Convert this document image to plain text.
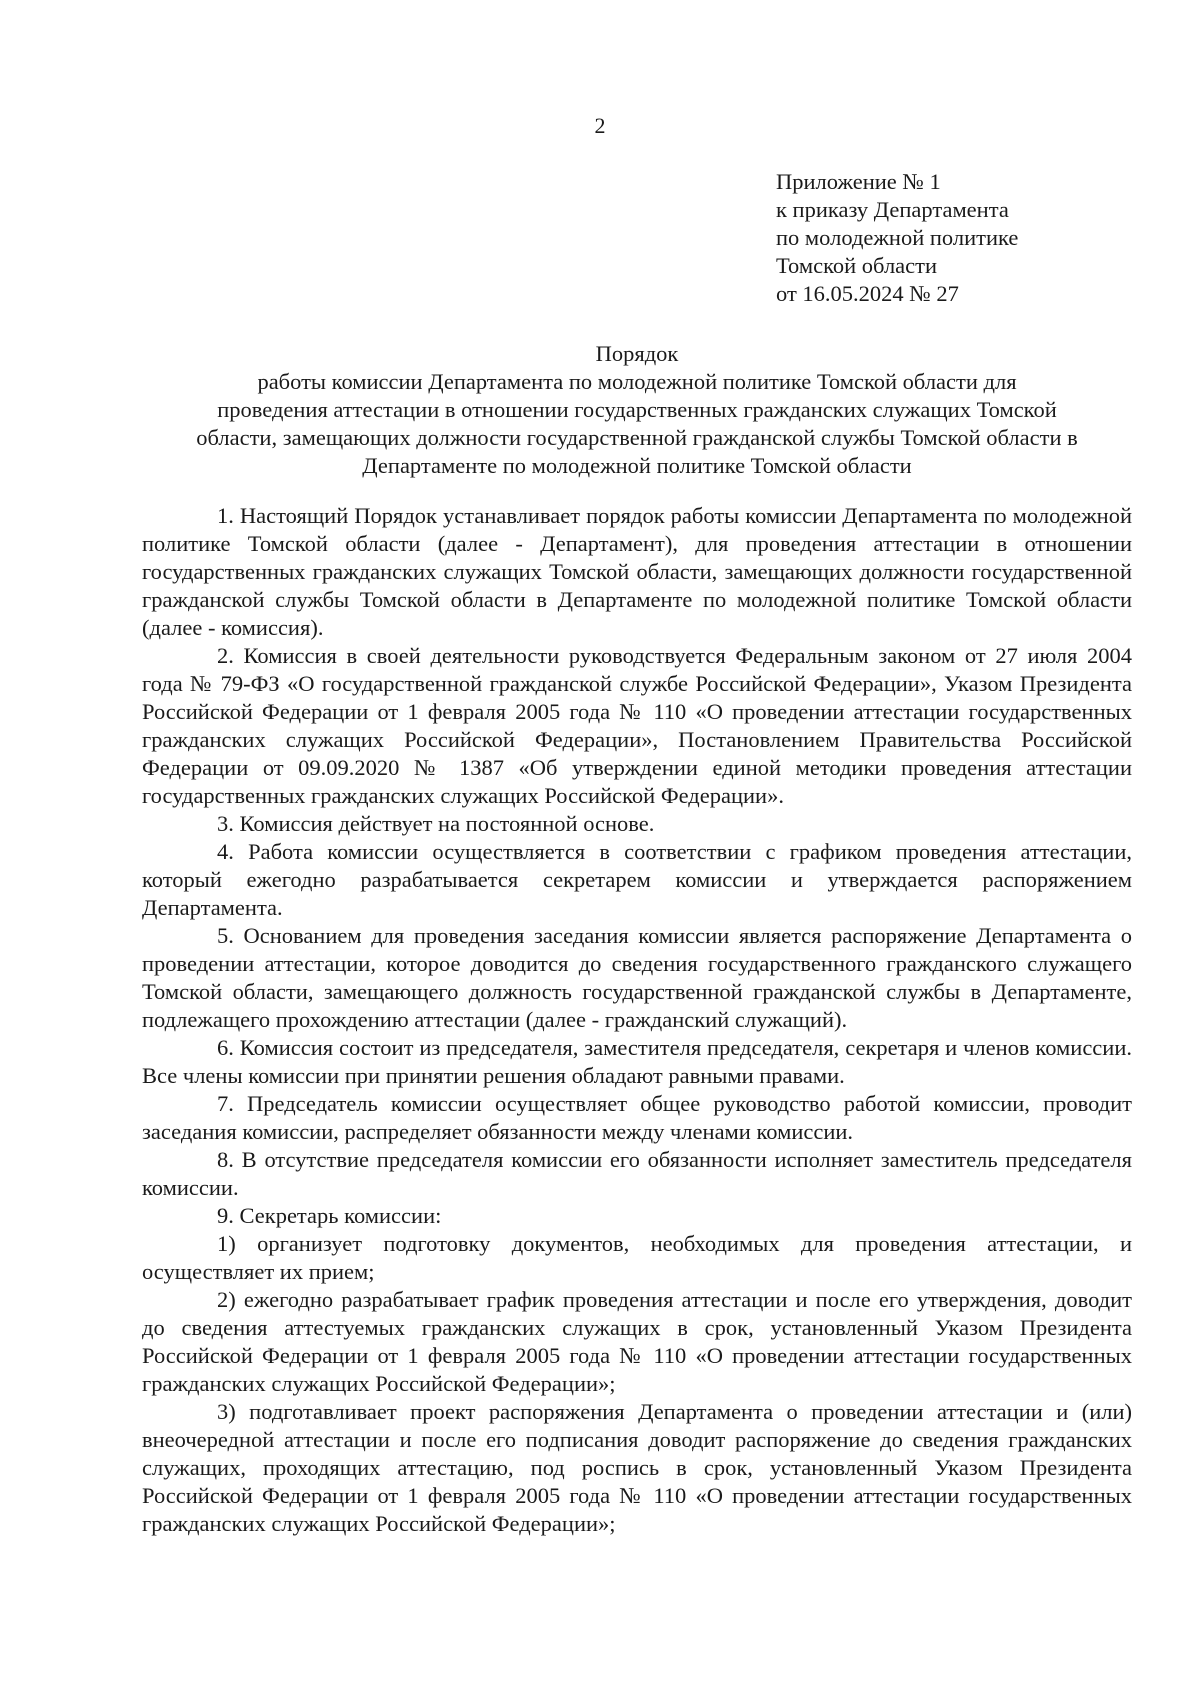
2
Приложение № 1
к приказу Департамента
по молодежной политике
Томской области
от 16.05.2024 № 27
Порядок
работы комиссии Департамента по молодежной политике Томской области для
проведения аттестации в отношении государственных гражданских служащих Томской
области, замещающих должности государственной гражданской службы Томской области в
Департаменте по молодежной политике Томской области

1. Настоящий Порядок устанавливает порядок работы комиссии Департамента по молодежной политике Томской области (далее - Департамент), для проведения аттестации в отношении государственных гражданских служащих Томской области, замещающих должности государственной гражданской службы Томской области в Департаменте по молодежной политике Томской области (далее - комиссия).

2. Комиссия в своей деятельности руководствуется Федеральным законом от 27 июля 2004 года № 79-ФЗ «О государственной гражданской службе Российской Федерации», Указом Президента Российской Федерации от 1 февраля 2005 года № 110 «О проведении аттестации государственных гражданских служащих Российской Федерации», Постановлением Правительства Российской Федерации от 09.09.2020 № 1387 «Об утверждении единой методики проведения аттестации государственных гражданских служащих Российской Федерации».

3. Комиссия действует на постоянной основе.

4. Работа комиссии осуществляется в соответствии с графиком проведения аттестации, который ежегодно разрабатывается секретарем комиссии и утверждается распоряжением Департамента.

5. Основанием для проведения заседания комиссии является распоряжение Департамента о проведении аттестации, которое доводится до сведения государственного гражданского служащего Томской области, замещающего должность государственной гражданской службы в Департаменте, подлежащего прохождению аттестации (далее - гражданский служащий).

6. Комиссия состоит из председателя, заместителя председателя, секретаря и членов комиссии. Все члены комиссии при принятии решения обладают равными правами.

7. Председатель комиссии осуществляет общее руководство работой комиссии, проводит заседания комиссии, распределяет обязанности между членами комиссии.

8. В отсутствие председателя комиссии его обязанности исполняет заместитель председателя комиссии.

9. Секретарь комиссии:

1) организует подготовку документов, необходимых для проведения аттестации, и осуществляет их прием;

2) ежегодно разрабатывает график проведения аттестации и после его утверждения, доводит до сведения аттестуемых гражданских служащих в срок, установленный Указом Президента Российской Федерации от 1 февраля 2005 года № 110 «О проведении аттестации государственных гражданских служащих Российской Федерации»;

3) подготавливает проект распоряжения Департамента о проведении аттестации и (или) внеочередной аттестации и после его подписания доводит распоряжение до сведения гражданских служащих, проходящих аттестацию, под роспись в срок, установленный Указом Президента Российской Федерации от 1 февраля 2005 года № 110 «О проведении аттестации государственных гражданских служащих Российской Федерации»;
